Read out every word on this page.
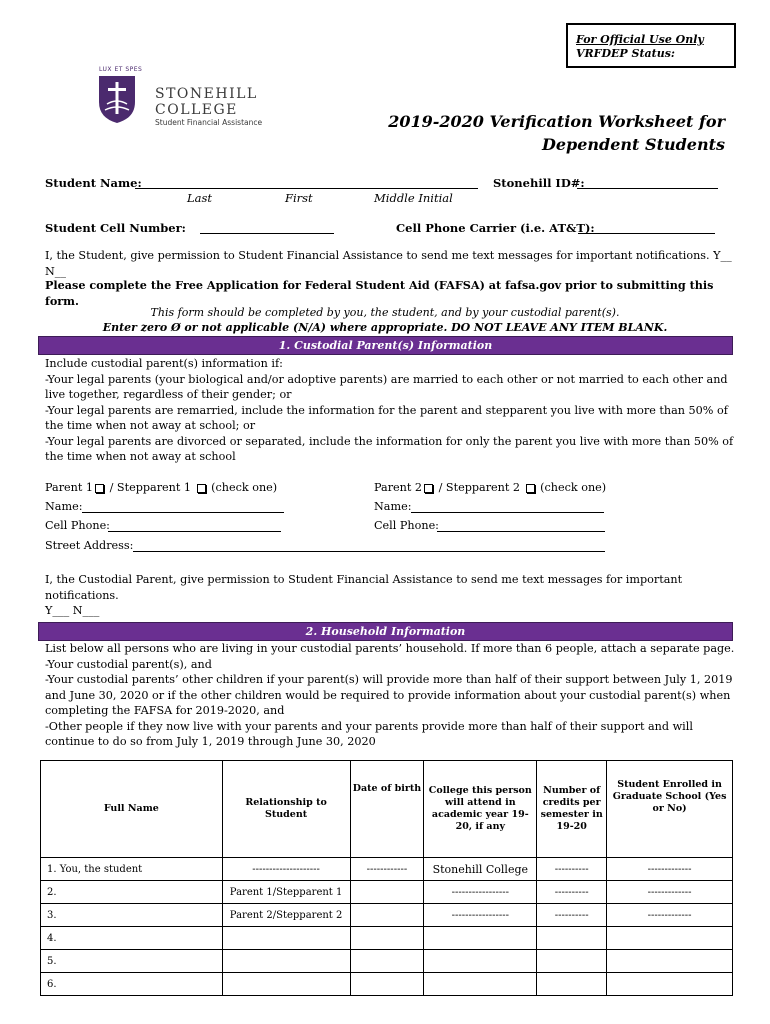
For Official Use Only
VRFDEP Status:
LUX ET SPES
STONEHILL COLLEGE
Student Financial Assistance	2019-2020 Verification Worksheet for
Dependent Students
Student Name:	Stonehill ID#:
Last	First	Middle Initial
Student Cell Number:	Cell Phone Carrier (i.e. AT&T):
I, the Student, give permission to Student Financial Assistance to send me text messages for important notifications. Y__ N__
Please complete the Free Application for Federal Student Aid (FAFSA) at fafsa.gov prior to submitting this form.
This form should be completed by you, the student, and by your custodial parent(s).
Enter zero Ø or not applicable (N/A) where appropriate. DO NOT LEAVE ANY ITEM BLANK.
1. Custodial Parent(s) Information
Include custodial parent(s) information if:
-Your legal parents (your biological and/or adoptive parents) are married to each other or not married to each other and live together, regardless of their gender; or
-Your legal parents are remarried, include the information for the parent and stepparent you live with more than 50% of the time when not away at school; or
-Your legal parents are divorced or separated, include the information for only the parent you live with more than 50% of the time when not away at school
Parent 1 / Stepparent 1  (check one)	Parent 2 / Stepparent 2  (check one)
Name:	Name:
Cell Phone:	Cell Phone:
Street Address:
I, the Custodial Parent, give permission to Student Financial Assistance to send me text messages for important notifications.
Y___ N___
2. Household Information
List below all persons who are living in your custodial parents’ household. If more than 6 people, attach a separate page.
-Your custodial parent(s), and
-Your custodial parents’ other children if your parent(s) will provide more than half of their support between July 1, 2019 and June 30, 2020 or if the other children would be required to provide information about your custodial parent(s) when completing the FAFSA for 2019-2020, and
-Other people if they now live with your parents and your parents provide more than half of their support and will continue to do so from July 1, 2019 through June 30, 2020
Full Name	Relationship to Student	Date of birth	College this person will attend in academic year 19-20, if any	Number of credits per semester in 19-20	Student Enrolled in Graduate School (Yes or No)
1. You, the student	--------------------	------------	Stonehill College	----------	-------------
2.	Parent 1/Stepparent 1		-----------------	----------	-------------
3.	Parent 2/Stepparent 2		-----------------	----------	-------------
4.					
5.					
6.					
